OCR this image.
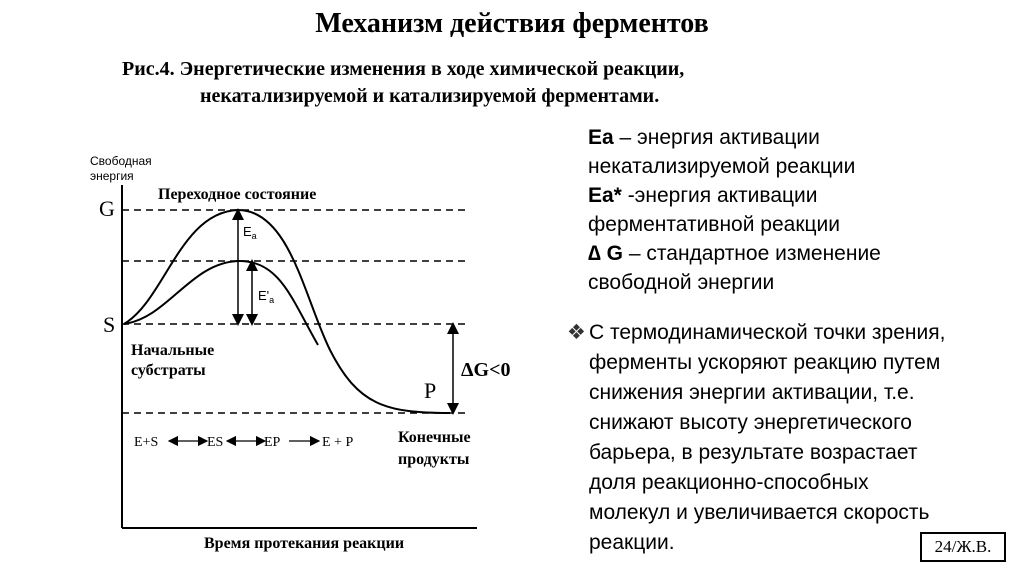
Механизм действия ферментов
Рис.4. Энергетические изменения в ходе химической реакции,
некатализируемой и катализируемой ферментами.
Свободная
энергия
Время протекания реакции
G
S
P
Переходное состояние
$E_a$
$E'_a$
ΔG<0
Начальные
субстраты
Конечные
продукты
E+S	ES	EP	E + P
Еа – энергия активации
некатализируемой реакции
Еа* -энергия активации
ферментативной реакции
∆ G – стандартное изменение
свободной энергии
❖ С термодинамической точки зрения,
ферменты ускоряют реакцию путем
снижения энергии активации, т.е.
снижают высоту энергетического
барьера, в результате возрастает
доля реакционно-способных
молекул и увеличивается скорость
реакции.	24/Ж.В.
